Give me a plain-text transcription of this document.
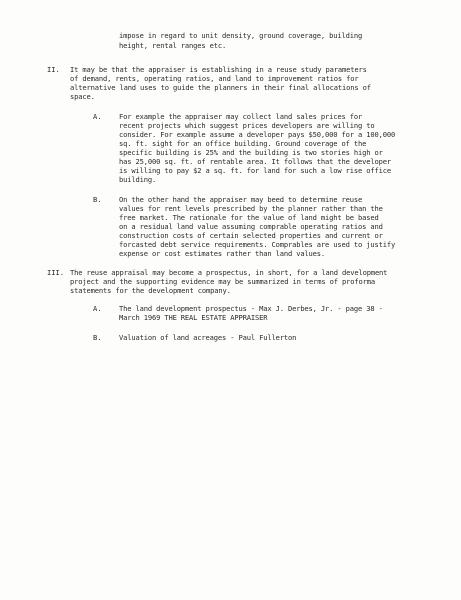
impose in regard to unit density, ground coverage, building
height, rental ranges etc.
II. It may be that the appraiser is establishing in a reuse study parameters
of demand, rents, operating ratios, and land to improvement ratios for
alternative land uses to guide the planners in their final allocations of
space.
A. For example the appraiser may collect land sales prices for
recent projects which suggest prices developers are willing to
consider. For example assume a developer pays $50,000 for a 100,000
sq. ft. sight for an office building. Ground coverage of the
specific building is 25% and the building is two stories high or
has 25,000 sq. ft. of rentable area. It follows that the developer
is willing to pay $2 a sq. ft. for land for such a low rise office
building.
B. On the other hand the appraiser may beed to determine reuse
values for rent levels prescribed by the planner rather than the
free market. The rationale for the value of land might be based
on a residual land value assuming comprable operating ratios and
construction costs of certain selected properties and current or
forcasted debt service requirements. Comprables are used to justify
expense or cost estimates rather than land values.
III. The reuse appraisal may become a prospectus, in short, for a land development
project and the supporting evidence may be summarized in terms of proforma
statements for the development company.
A. The land development prospectus - Max J. Derbes, Jr. - page 38 -
March 1969 THE REAL ESTATE APPRAISER
B. Valuation of land acreages - Paul Fullerton
